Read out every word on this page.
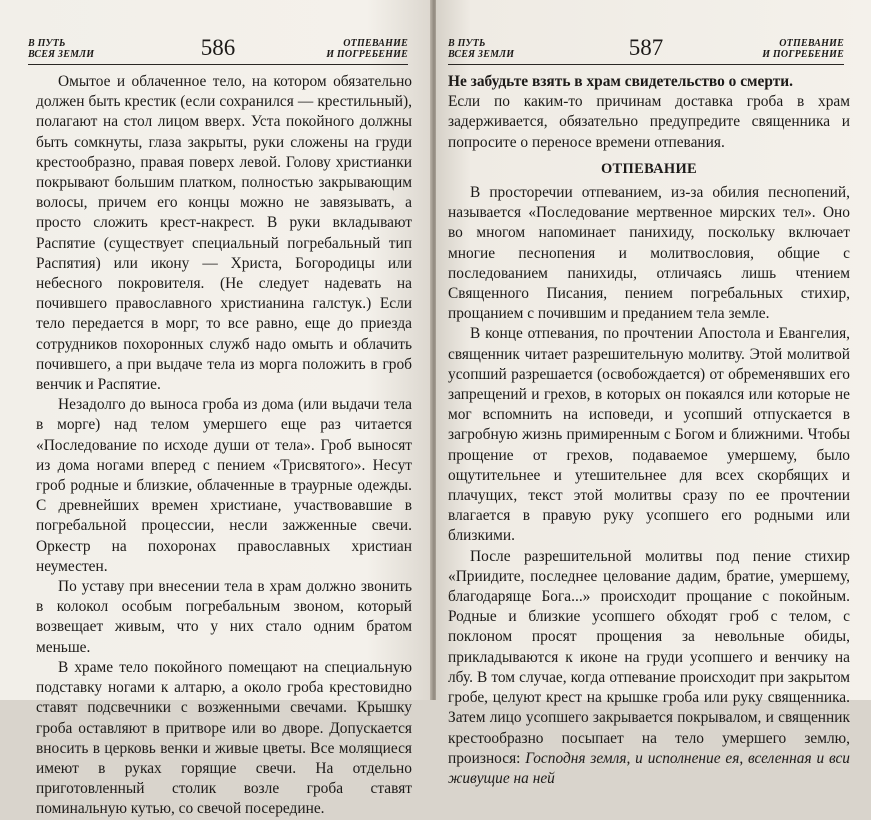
В ПУТЬ
ВСЕЯ ЗЕМЛИ	586	ОТПЕВАНИЕ
И ПОГРЕБЕНИЕ

Омытое и облаченное тело, на котором обязательно должен быть крестик (если сохранился — крестильный), полагают на стол лицом вверх. Уста покойного должны быть сомкнуты, глаза закрыты, руки сложены на груди крестообразно, правая поверх левой. Голову христианки покрывают большим платком, полностью закрывающим волосы, причем его концы можно не завязывать, а просто сложить крест-накрест. В руки вкладывают Распятие (существует специальный погребальный тип Распятия) или икону — Христа, Богородицы или небесного покровителя. (Не следует надевать на почившего православного христианина галстук.) Если тело передается в морг, то все равно, еще до приезда сотрудников похоронных служб надо омыть и облачить почившего, а при выдаче тела из морга положить в гроб венчик и Распятие.

Незадолго до выноса гроба из дома (или выдачи тела в морге) над телом умершего еще раз читается «Последование по исходе души от тела». Гроб выносят из дома ногами вперед с пением «Трисвятого». Несут гроб родные и близкие, облаченные в траурные одежды. С древнейших времен христиане, участвовавшие в погребальной процессии, несли зажженные свечи. Оркестр на похоронах православных христиан неуместен.

По уставу при внесении тела в храм должно звонить в колокол особым погребальным звоном, который возвещает живым, что у них стало одним братом меньше.

В храме тело покойного помещают на специальную подставку ногами к алтарю, а около гроба крестовидно ставят подсвечники с возженными свечами. Крышку гроба оставляют в притворе или во дворе. Допускается вносить в церковь венки и живые цветы. Все молящиеся имеют в руках горящие свечи. На отдельно приготовленный столик возле гроба ставят поминальную кутью, со свечой посередине.

В ПУТЬ
ВСЕЯ ЗЕМЛИ	587	ОТПЕВАНИЕ
И ПОГРЕБЕНИЕ

Не забудьте взять в храм свидетельство о смерти.

Если по каким-то причинам доставка гроба в храм задерживается, обязательно предупредите священника и попросите о переносе времени отпевания.

ОТПЕВАНИЕ

В просторечии отпеванием, из-за обилия песнопений, называется «Последование мертвенное мирских тел». Оно во многом напоминает панихиду, поскольку включает многие песнопения и молитвословия, общие с последованием панихиды, отличаясь лишь чтением Священного Писания, пением погребальных стихир, прощанием с почившим и преданием тела земле.

В конце отпевания, по прочтении Апостола и Евангелия, священник читает разрешительную молитву. Этой молитвой усопший разрешается (освобождается) от обременявших его запрещений и грехов, в которых он покаялся или которые не мог вспомнить на исповеди, и усопший отпускается в загробную жизнь примиренным с Богом и ближними. Чтобы прощение от грехов, подаваемое умершему, было ощутительнее и утешительнее для всех скорбящих и плачущих, текст этой молитвы сразу по ее прочтении влагается в правую руку усопшего его родными или близкими.

После разрешительной молитвы под пение стихир «Приидите, последнее целование дадим, братие, умершему, благодаряще Бога...» происходит прощание с покойным. Родные и близкие усопшего обходят гроб с телом, с поклоном просят прощения за невольные обиды, прикладываются к иконе на груди усопшего и венчику на лбу. В том случае, когда отпевание происходит при закрытом гробе, целуют крест на крышке гроба или руку священника. Затем лицо усопшего закрывается покрывалом, и священник крестообразно посыпает на тело умершего землю, произнося: Господня земля, и исполнение ея, вселенная и вси живущие на ней
